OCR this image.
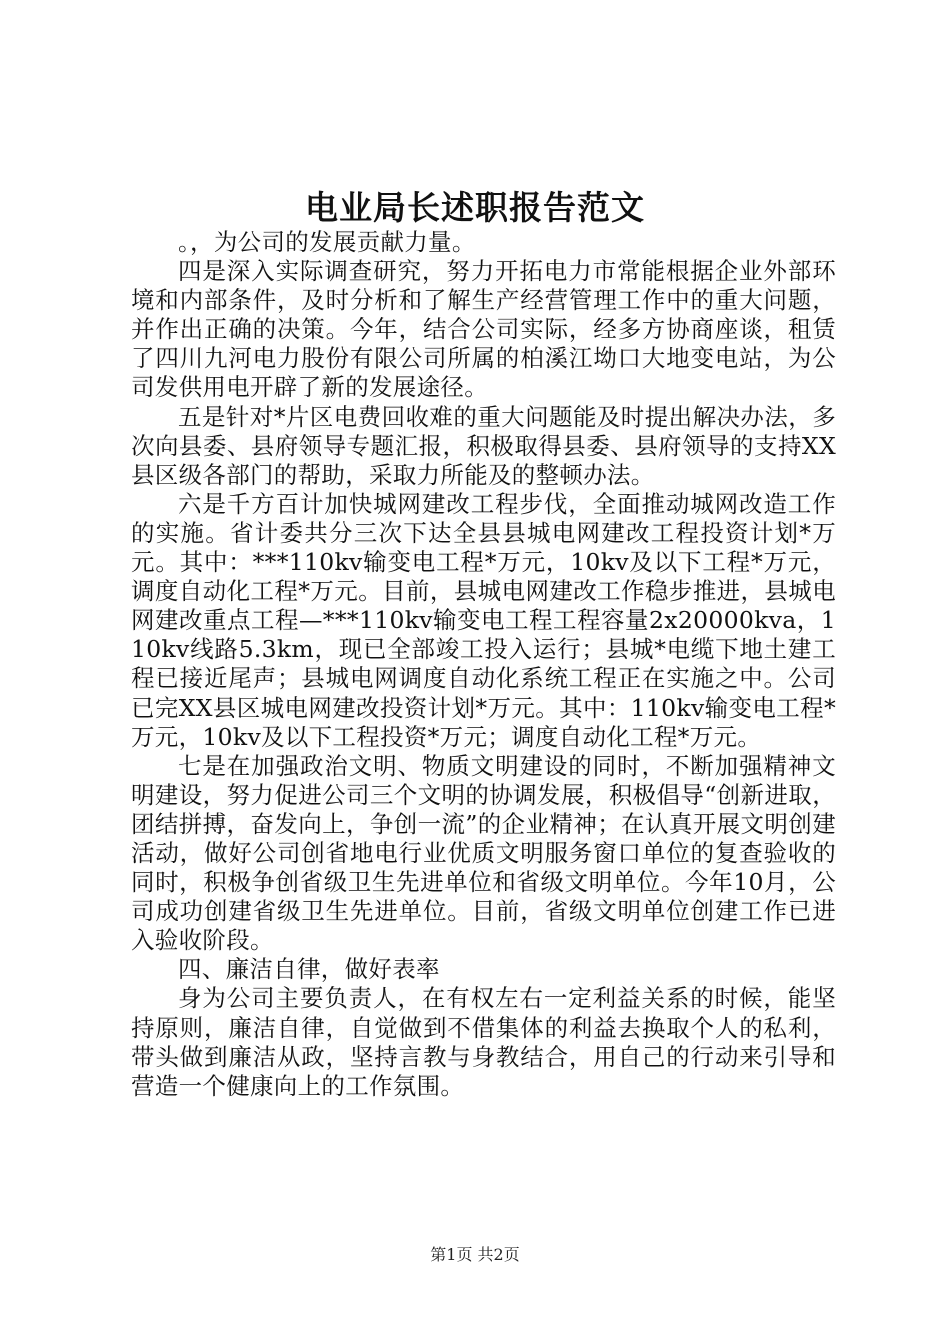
电业局长述职报告范文

。，为公司的发展贡献力量。

四是深入实际调查研究，努力开拓电力市常能根据企业外部环境和内部条件，及时分析和了解生产经营管理工作中的重大问题，并作出正确的决策。今年，结合公司实际，经多方协商座谈，租赁了四川九河电力股份有限公司所属的柏溪江坳口大地变电站，为公司发供用电开辟了新的发展途径。

五是针对*片区电费回收难的重大问题能及时提出解决办法，多次向县委、县府领导专题汇报，积极取得县委、县府领导的支持XX县区级各部门的帮助，采取力所能及的整顿办法。

六是千方百计加快城网建改工程步伐，全面推动城网改造工作的实施。省计委共分三次下达全县县城电网建改工程投资计划*万元。其中：***110kv输变电工程*万元，10kv及以下工程*万元，调度自动化工程*万元。目前，县城电网建改工作稳步推进，县城电网建改重点工程—***110kv输变电工程工程容量2x20000kva，110kv线路5.3km，现已全部竣工投入运行；县城*电缆下地土建工程已接近尾声；县城电网调度自动化系统工程正在实施之中。公司已完XX县区城电网建改投资计划*万元。其中：110kv输变电工程*万元，10kv及以下工程投资*万元；调度自动化工程*万元。

七是在加强政治文明、物质文明建设的同时，不断加强精神文明建设，努力促进公司三个文明的协调发展，积极倡导“创新进取，团结拼搏，奋发向上，争创一流”的企业精神；在认真开展文明创建活动，做好公司创省地电行业优质文明服务窗口单位的复查验收的同时，积极争创省级卫生先进单位和省级文明单位。今年10月，公司成功创建省级卫生先进单位。目前，省级文明单位创建工作已进入验收阶段。

四、廉洁自律，做好表率

身为公司主要负责人，在有权左右一定利益关系的时候，能坚持原则，廉洁自律，自觉做到不借集体的利益去换取个人的私利，带头做到廉洁从政，坚持言教与身教结合，用自己的行动来引导和营造一个健康向上的工作氛围。

第1页 共2页
